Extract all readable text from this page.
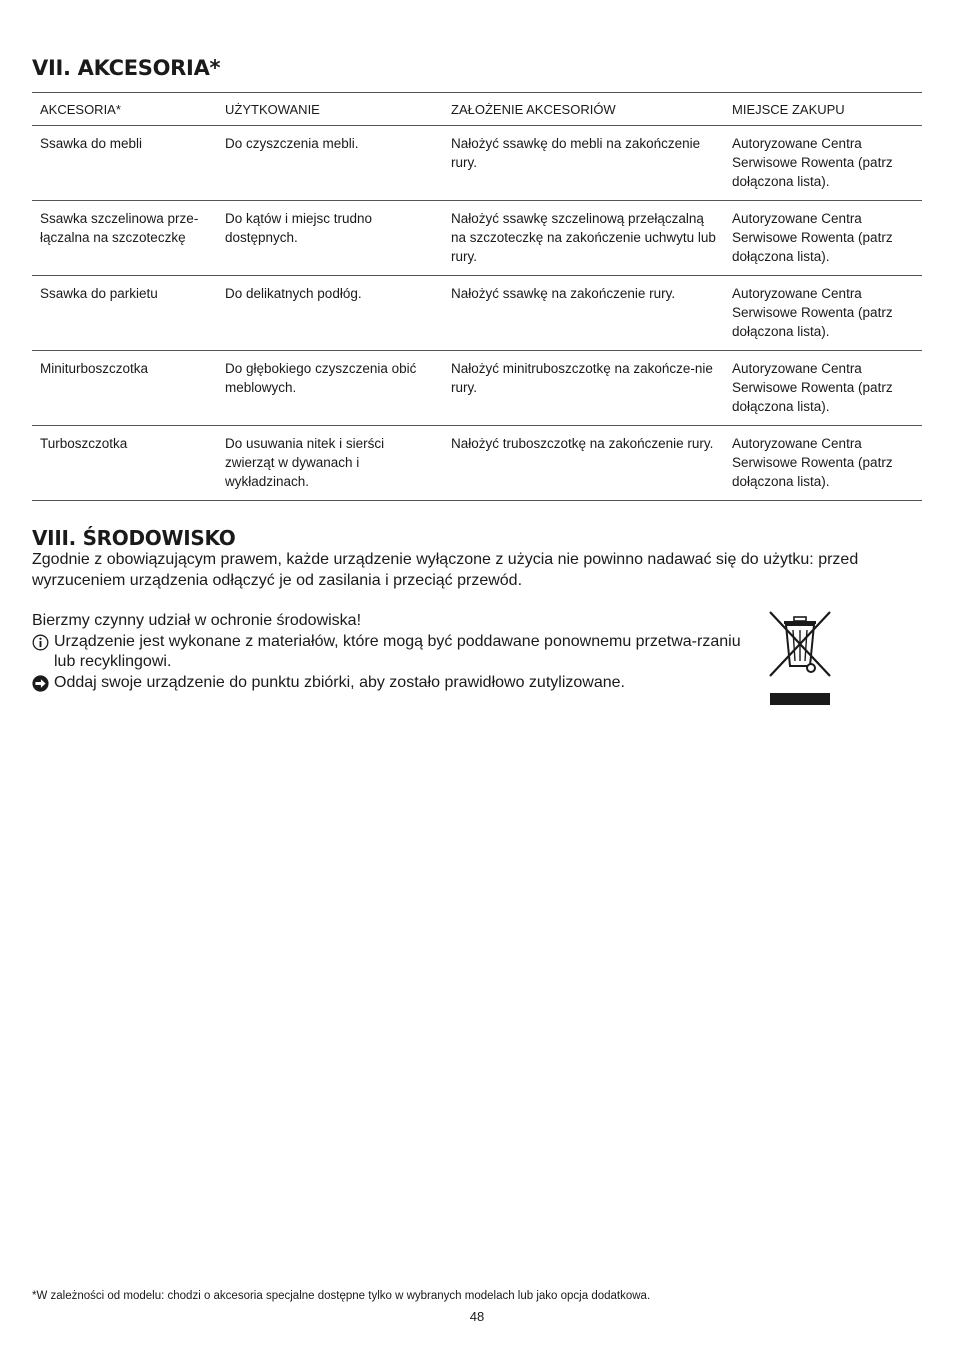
VII. AKCESORIA*
AKCESORIA*	UŻYTKOWANIE	ZAŁOŻENIE AKCESORIÓW	MIEJSCE ZAKUPU
Ssawka do mebli	Do czyszczenia mebli.	Nałożyć ssawkę do mebli na zakończenie rury.	Autoryzowane Centra Serwisowe Rowenta (patrz dołączona lista).
Ssawka szczelinowa prze-łączalna na szczoteczkę	Do kątów i miejsc trudno dostępnych.	Nałożyć ssawkę szczelinową przełączalną na szczoteczkę na zakończenie uchwytu lub rury.	Autoryzowane Centra Serwisowe Rowenta (patrz dołączona lista).
Ssawka do parkietu	Do delikatnych podłóg.	Nałożyć ssawkę na zakończenie rury.	Autoryzowane Centra Serwisowe Rowenta (patrz dołączona lista).
Miniturboszczotka	Do głębokiego czyszczenia obić meblowych.	Nałożyć minitruboszczotkę na zakończe-nie rury.	Autoryzowane Centra Serwisowe Rowenta (patrz dołączona lista).
Turboszczotka	Do usuwania nitek i sierści zwierząt w dywanach i wykładzinach.	Nałożyć truboszczotkę na zakończenie rury.	Autoryzowane Centra Serwisowe Rowenta (patrz dołączona lista).
VIII. ŚRODOWISKO

Zgodnie z obowiązującym prawem, każde urządzenie wyłączone z użycia nie powinno nadawać się do użytku: przed wyrzuceniem urządzenia odłączyć je od zasilania i przeciąć przewód.

Bierzmy czynny udział w ochronie środowiska!

Urządzenie jest wykonane z materiałów, które mogą być poddawane ponownemu przetwa-rzaniu lub recyklingowi.
Oddaj swoje urządzenie do punktu zbiórki, aby zostało prawidłowo zutylizowane.

*W zależności od modelu: chodzi o akcesoria specjalne dostępne tylko w wybranych modelach lub jako opcja dodatkowa.

48
